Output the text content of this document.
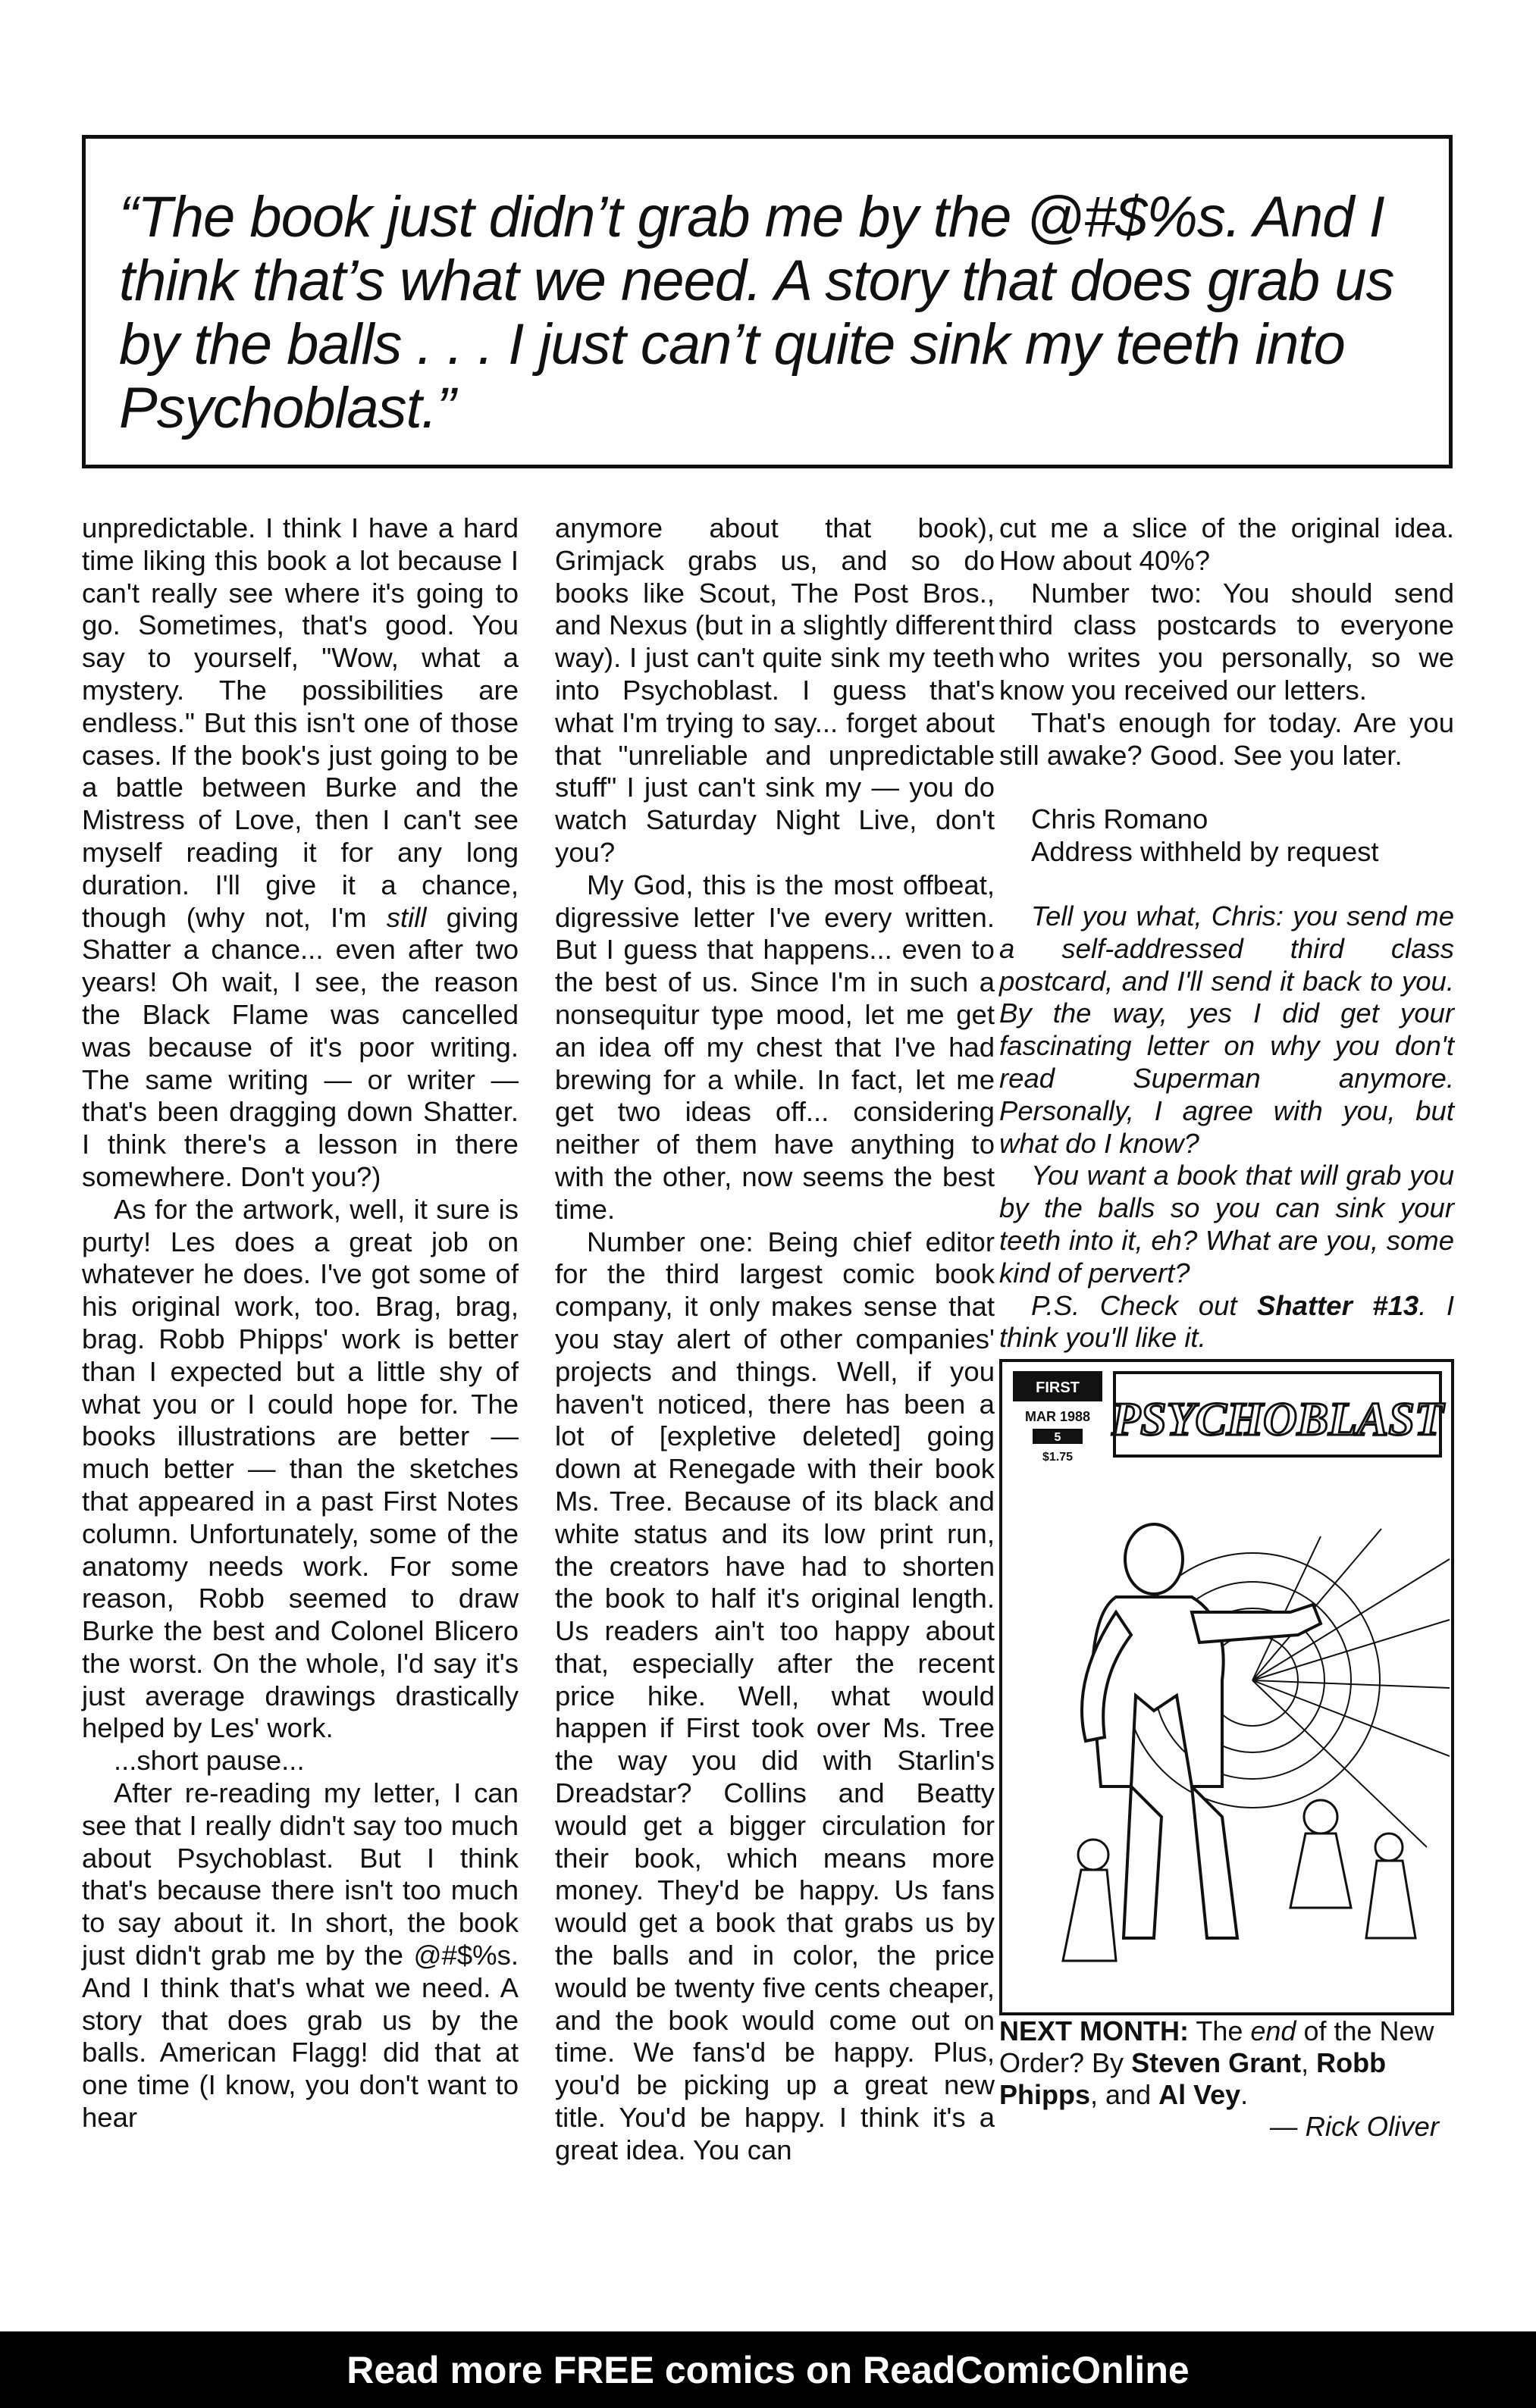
“The book just didn’t grab me by the @#$%s. And I think that’s what we need. A story that does grab us by the balls . . . I just can’t quite sink my teeth into Psychoblast.”

unpredictable. I think I have a hard time liking this book a lot because I can't really see where it's going to go. Sometimes, that's good. You say to yourself, "Wow, what a mystery. The possibilities are endless." But this isn't one of those cases. If the book's just going to be a battle between Burke and the Mistress of Love, then I can't see myself reading it for any long duration. I'll give it a chance, though (why not, I'm still giving Shatter a chance... even after two years! Oh wait, I see, the reason the Black Flame was cancelled was because of it's poor writing. The same writing — or writer — that's been dragging down Shatter. I think there's a lesson in there somewhere. Don't you?)

As for the artwork, well, it sure is purty! Les does a great job on whatever he does. I've got some of his original work, too. Brag, brag, brag. Robb Phipps' work is better than I expected but a little shy of what you or I could hope for. The books illustrations are better — much better — than the sketches that appeared in a past First Notes column. Unfortunately, some of the anatomy needs work. For some reason, Robb seemed to draw Burke the best and Colonel Blicero the worst. On the whole, I'd say it's just average drawings drastically helped by Les' work.

...short pause...

After re-reading my letter, I can see that I really didn't say too much about Psychoblast. But I think that's because there isn't too much to say about it. In short, the book just didn't grab me by the @#$%s. And I think that's what we need. A story that does grab us by the balls. American Flagg! did that at one time (I know, you don't want to hear

anymore about that book), Grimjack grabs us, and so do books like Scout, The Post Bros., and Nexus (but in a slightly different way). I just can't quite sink my teeth into Psychoblast. I guess that's what I'm trying to say... forget about that "unreliable and unpredictable stuff" I just can't sink my — you do watch Saturday Night Live, don't you?

My God, this is the most offbeat, digressive letter I've every written. But I guess that happens... even to the best of us. Since I'm in such a nonsequitur type mood, let me get an idea off my chest that I've had brewing for a while. In fact, let me get two ideas off... considering neither of them have anything to with the other, now seems the best time.

Number one: Being chief editor for the third largest comic book company, it only makes sense that you stay alert of other companies' projects and things. Well, if you haven't noticed, there has been a lot of [expletive deleted] going down at Renegade with their book Ms. Tree. Because of its black and white status and its low print run, the creators have had to shorten the book to half it's original length. Us readers ain't too happy about that, especially after the recent price hike. Well, what would happen if First took over Ms. Tree the way you did with Starlin's Dreadstar? Collins and Beatty would get a bigger circulation for their book, which means more money. They'd be happy. Us fans would get a book that grabs us by the balls and in color, the price would be twenty five cents cheaper, and the book would come out on time. We fans'd be happy. Plus, you'd be picking up a great new title. You'd be happy. I think it's a great idea. You can

cut me a slice of the original idea. How about 40%?

Number two: You should send third class postcards to everyone who writes you personally, so we know you received our letters.

That's enough for today. Are you still awake? Good. See you later.

Chris Romano

Address withheld by request

Tell you what, Chris: you send me a self-addressed third class postcard, and I'll send it back to you. By the way, yes I did get your fascinating letter on why you don't read Superman anymore. Personally, I agree with you, but what do I know?

You want a book that will grab you by the balls so you can sink your teeth into it, eh? What are you, some kind of pervert?

P.S. Check out Shatter #13. I think you'll like it.

FIRST
MAR 1988
5
$1.75
PSYCHOBLAST

NEXT MONTH: The end of the New Order? By Steven Grant, Robb Phipps, and Al Vey.

— Rick Oliver

Read more FREE comics on ReadComicOnline
